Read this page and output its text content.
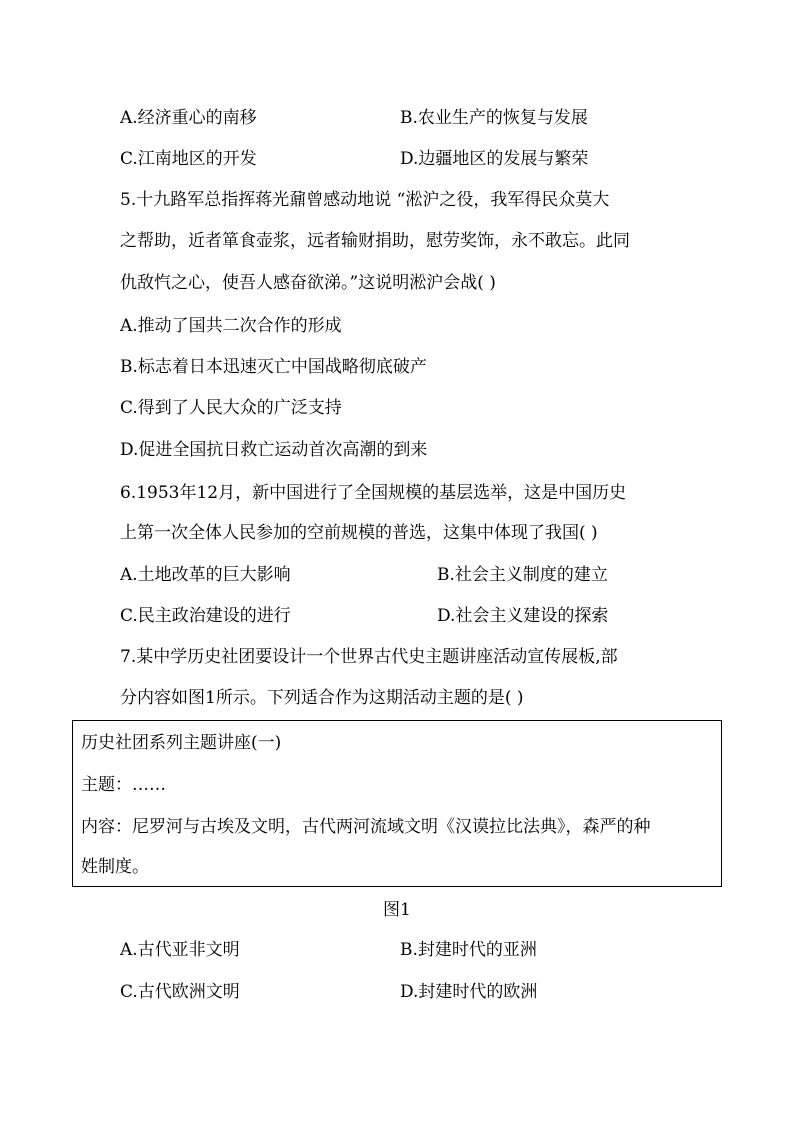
A.经济重心的南移	B.农业生产的恢复与发展
C.江南地区的开发	D.边疆地区的发展与繁荣
5.十九路军总指挥蒋光鼐曾感动地说 “淞沪之役，我军得民众莫大
之帮助，近者箪食壶浆，远者输财捐助，慰劳奖饰，永不敢忘。此同
仇敌忾之心，使吾人感奋欲涕。”这说明淞沪会战( )
A.推动了国共二次合作的形成
B.标志着日本迅速灭亡中国战略彻底破产
C.得到了人民大众的广泛支持
D.促进全国抗日救亡运动首次高潮的到来
6.1953年12月，新中国进行了全国规模的基层选举，这是中国历史
上第一次全体人民参加的空前规模的普选，这集中体现了我国( )
A.土地改革的巨大影响	B.社会主义制度的建立
C.民主政治建设的进行	D.社会主义建设的探索
7.某中学历史社团要设计一个世界古代史主题讲座活动宣传展板,部
分内容如图1所示。下列适合作为这期活动主题的是( )
历史社团系列主题讲座(一)
主题：……
内容：尼罗河与古埃及文明，古代两河流域文明《汉谟拉比法典》，森严的种
姓制度。
图1
A.古代亚非文明	B.封建时代的亚洲
C.古代欧洲文明	D.封建时代的欧洲
